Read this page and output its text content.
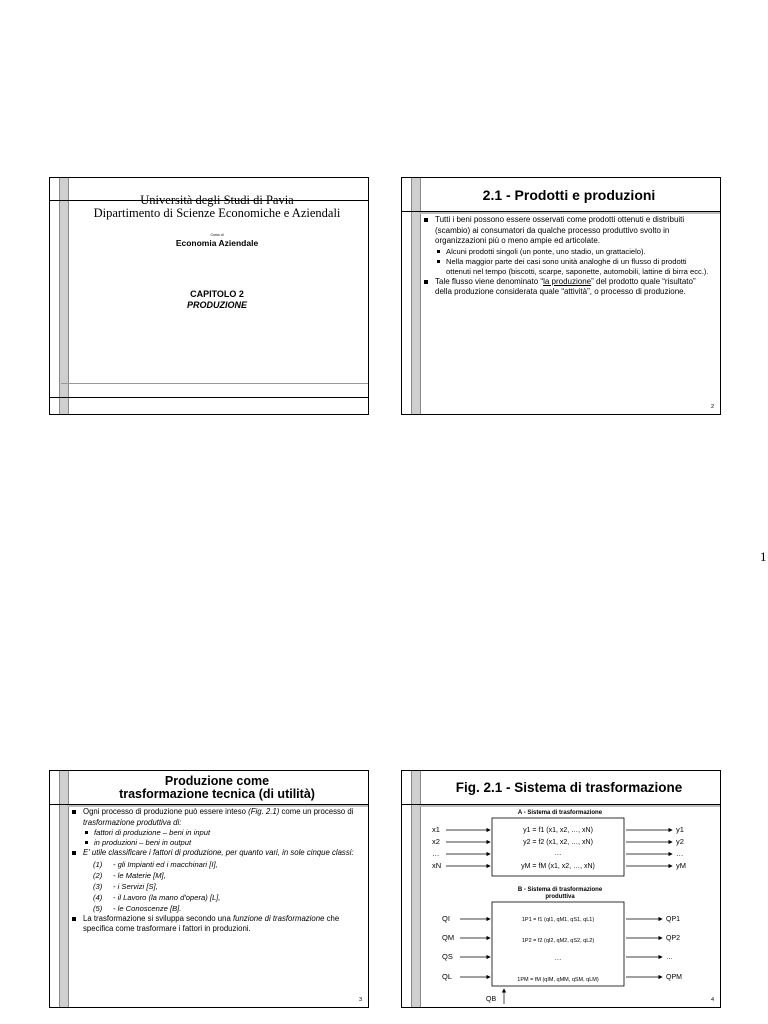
1
Università degli Studi di Pavia
Dipartimento di Scienze Economiche e Aziendali
Corso di
Economia Aziendale
CAPITOLO 2
PRODUZIONE
2.1 - Prodotti e produzioni
Tutti i beni possono essere osservati come prodotti ottenuti e distribuiti (scambio) ai consumatori da qualche processo produttivo svolto in organizzazioni più o meno ampie ed articolate.
Alcuni prodotti singoli (un ponte, uno stadio, un grattacielo).
Nella maggior parte dei casi sono unità analoghe di un flusso di prodotti ottenuti nel tempo (biscotti, scarpe, saponette, automobili, lattine di birra ecc.).
Tale flusso viene denominato “la produzione” del prodotto quale “risultato” della produzione considerata quale “attività”, o processo di produzione.
2
Produzione come
trasformazione tecnica (di utilità)
Ogni processo di produzione può essere inteso (Fig. 2.1) come un processo di trasformazione produttiva di:
fattori di produzione – beni in input
in produzioni – beni in output
E' utile classificare i fattori di produzione, per quanto vari, in sole cinque classi:
(1) - gli Impianti ed i macchinari [I],
(2) - le Materie [M],
(3) - i Servizi [S],
(4) - il Lavoro (la mano d'opera) [L],
(5) - le Conoscenze [B].
La trasformazione si sviluppa secondo una funzione di trasformazione che specifica come trasformare i fattori in produzioni.
3
Fig. 2.1 - Sistema di trasformazione
A - Sistema di trasformazione
x1
x2
…
xN
y1 = f1 (x1, x2, …, xN)
y2 = f2 (x1, x2, …, xN)
…
yM = fM (x1, x2, …, xN)
y1
y2
…
yM
B - Sistema di trasformazione
produttiva
QI
QM
QS
QL
1P1 = f1 (qI1, qM1, qS1, qL1)
1P2 = f2 (qI2, qM2, qS2, qL2)
…
1PM = fM (qIM, qMM, qSM, qLM)
QP1
QP2
…
QPM
QB	4
